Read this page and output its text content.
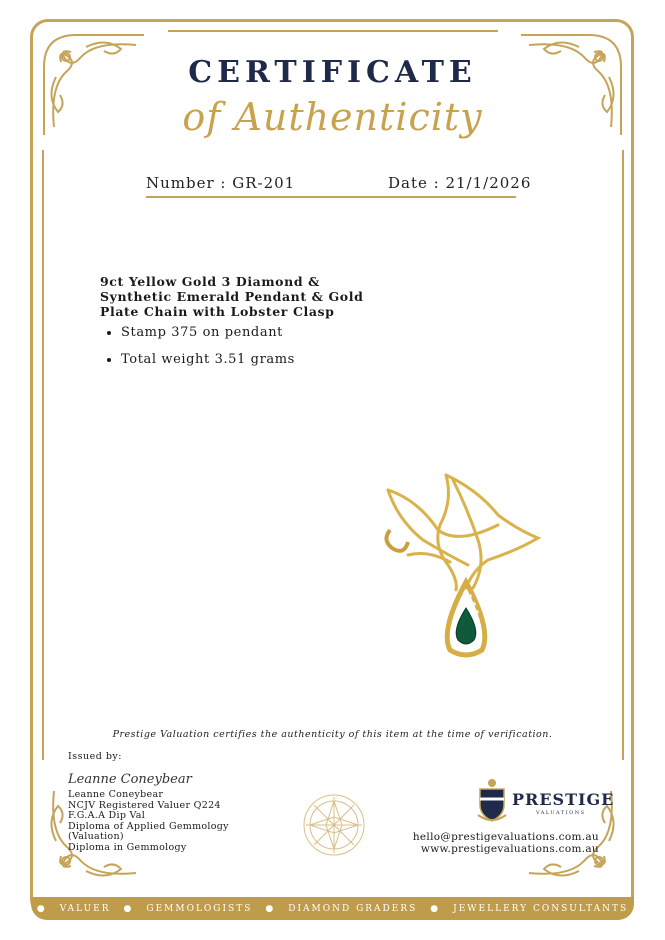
CERTIFICATE
of Authenticity
Number : GR-201	Date : 21/1/2026
9ct Yellow Gold 3 Diamond & Synthetic Emerald Pendant & Gold Plate Chain with Lobster Clasp
• Stamp 375 on pendant
• Total weight 3.51 grams
Prestige Valuation certifies the authenticity of this item at the time of verification.
Issued by:
Leanne Coneybear
Leanne Coneybear
NCJV Registered Valuer Q224
F.G.A.A Dip Val
Diploma of Applied Gemmology
(Valuation)
Diploma in Gemmology
PRESTIGE
VALUATIONS
hello@prestigevaluations.com.au
www.prestigevaluations.com.au
● VALUER ● GEMMOLOGISTS ● DIAMOND GRADERS ● JEWELLERY CONSULTANTS
